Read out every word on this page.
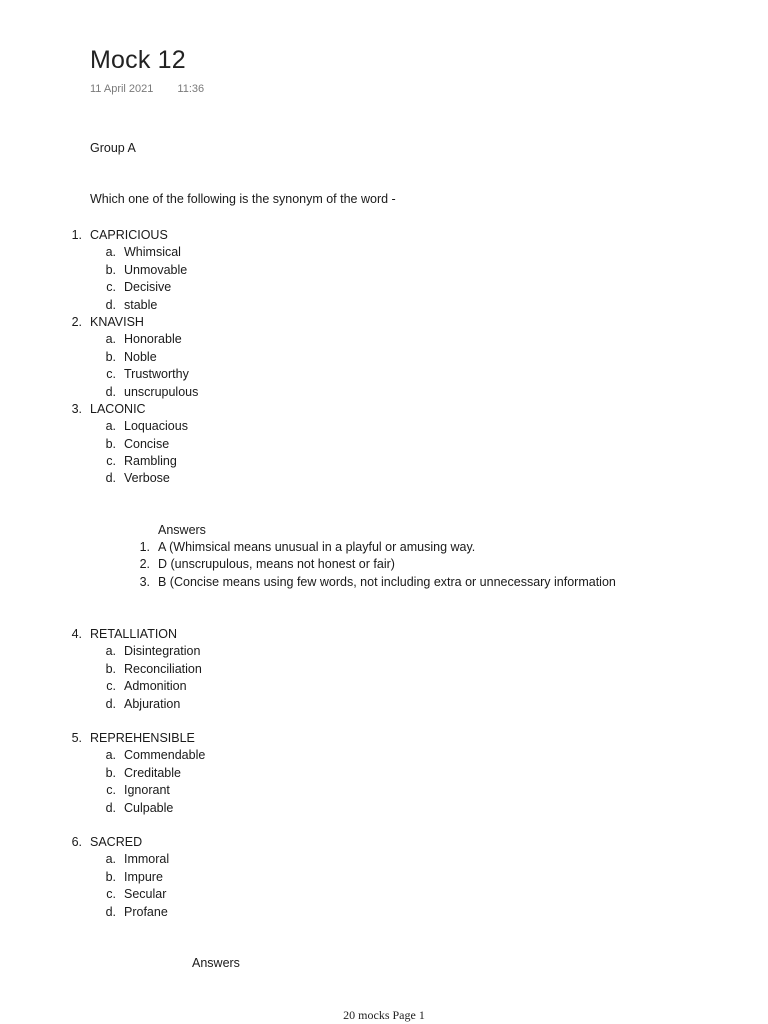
Mock 12
11 April 2021 11:36
Group A
Which one of the following is the synonym of the word -
1. CAPRICIOUS
a. Whimsical
b. Unmovable
c. Decisive
d. stable
2. KNAVISH
a. Honorable
b. Noble
c. Trustworthy
d. unscrupulous
3. LACONIC
a. Loquacious
b. Concise
c. Rambling
d. Verbose
Answers
1. A (Whimsical means unusual in a playful or amusing way.
2. D (unscrupulous, means not honest or fair)
3. B (Concise means using few words, not including extra or unnecessary information
4. RETALLIATION
a. Disintegration
b. Reconciliation
c. Admonition
d. Abjuration
5. REPREHENSIBLE
a. Commendable
b. Creditable
c. Ignorant
d. Culpable
6. SACRED
a. Immoral
b. Impure
c. Secular
d. Profane
Answers
20 mocks Page 1
